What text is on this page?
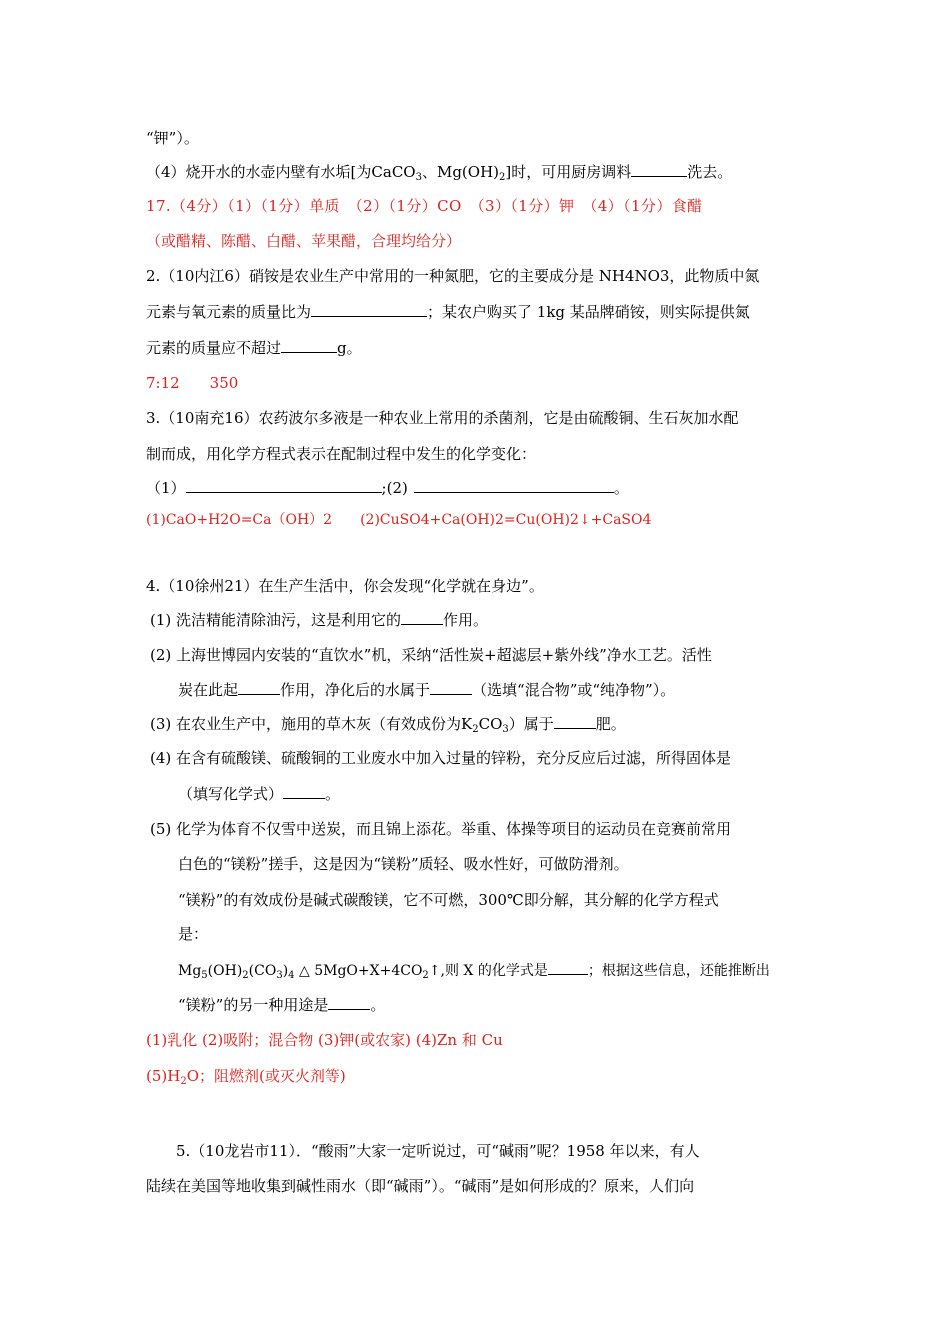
“钾”）。
（4）烧开水的水壶内壁有水垢[为CaCO$_3$、$Mg(OH)_2$]时，可用厨房调料	洗去。
17.（4分）（1）（1分）单质　（2）（1分）CO　（3）（1分）钾　（4）（1分）食醋
（或醋精、陈醋、白醋、苹果醋，合理均给分）
2.（10内江6）硝铵是农业生产中常用的一种氮肥，它的主要成分是 NH4NO3，此物质中氮
元素与氧元素的质量比为	；某农户购买了 1kg 某品牌硝铵，则实际提供氮
元素的质量应不超过	g。
7:12　　350
3.（10南充16）农药波尔多液是一种农业上常用的杀菌剂，它是由硫酸铜、生石灰加水配
制而成，用化学方程式表示在配制过程中发生的化学变化：
（1）	;(2)	。
(1)CaO+H2O=Ca（OH）2　　(2)CuSO4+Ca(OH)2=Cu(OH)2↓+CaSO4
4.（10徐州21）在生产生活中，你会发现“化学就在身边”。
(1) 洗洁精能清除油污，这是利用它的	作用。
(2) 上海世博园内安装的“直饮水”机，采纳“活性炭+超滤层+紫外线”净水工艺。活性
炭在此起	作用，净化后的水属于	（选填“混合物”或“纯净物”）。
(3) 在农业生产中，施用的草木灰（有效成份为$K_2CO_3$）属于	肥。
(4) 在含有硫酸镁、硫酸铜的工业废水中加入过量的锌粉，充分反应后过滤，所得固体是
（填写化学式）	。
(5) 化学为体育不仅雪中送炭，而且锦上添花。举重、体操等项目的运动员在竞赛前常用
白色的“镁粉”搓手，这是因为“镁粉”质轻、吸水性好，可做防滑剂。
“镁粉”的有效成份是碱式碳酸镁，它不可燃，300℃即分解，其分解的化学方程式
是：
$Mg_5(OH)_2(CO_3)_4$ △ $5MgO+X+4CO_2↑$,则 X 的化学式是	；根据这些信息，还能推断出
“镁粉”的另一种用途是	。
(1)乳化 (2)吸附；混合物 (3)钾(或农家) (4)Zn 和 Cu
$(5)H_2O$；阻燃剂(或灭火剂等)
5.（10龙岩市11）．“酸雨”大家一定听说过，可“碱雨”呢？1958 年以来，有人
陆续在美国等地收集到碱性雨水（即“碱雨”）。“碱雨”是如何形成的？原来，人们向
